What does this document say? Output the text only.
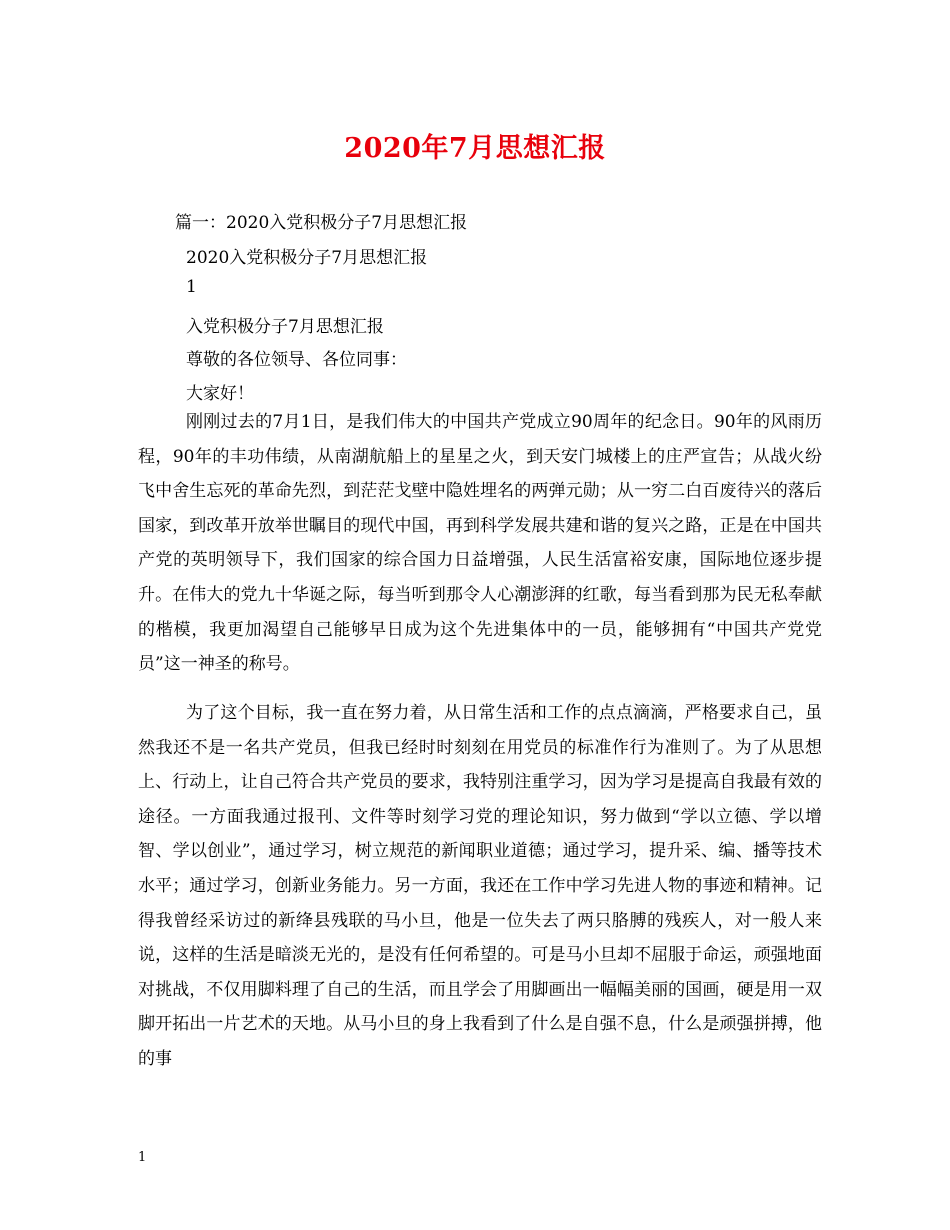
2020年7月思想汇报
篇一：2020入党积极分子7月思想汇报
2020入党积极分子7月思想汇报
1
入党积极分子7月思想汇报
尊敬的各位领导、各位同事：
大家好！

刚刚过去的7月1日，是我们伟大的中国共产党成立90周年的纪念日。90年的风雨历程，90年的丰功伟绩，从南湖航船上的星星之火，到天安门城楼上的庄严宣告；从战火纷飞中舍生忘死的革命先烈，到茫茫戈壁中隐姓埋名的两弹元勋；从一穷二白百废待兴的落后国家，到改革开放举世瞩目的现代中国，再到科学发展共建和谐的复兴之路，正是在中国共产党的英明领导下，我们国家的综合国力日益增强，人民生活富裕安康，国际地位逐步提升。在伟大的党九十华诞之际，每当听到那令人心潮澎湃的红歌，每当看到那为民无私奉献的楷模，我更加渴望自己能够早日成为这个先进集体中的一员，能够拥有“中国共产党党员”这一神圣的称号。

为了这个目标，我一直在努力着，从日常生活和工作的点点滴滴，严格要求自己，虽然我还不是一名共产党员，但我已经时时刻刻在用党员的标准作行为准则了。为了从思想上、行动上，让自己符合共产党员的要求，我特别注重学习，因为学习是提高自我最有效的途径。一方面我通过报刊、文件等时刻学习党的理论知识，努力做到“学以立德、学以增智、学以创业”，通过学习，树立规范的新闻职业道德；通过学习，提升采、编、播等技术水平；通过学习，创新业务能力。另一方面，我还在工作中学习先进人物的事迹和精神。记得我曾经采访过的新绛县残联的马小旦，他是一位失去了两只胳膊的残疾人，对一般人来说，这样的生活是暗淡无光的，是没有任何希望的。可是马小旦却不屈服于命运，顽强地面对挑战，不仅用脚料理了自己的生活，而且学会了用脚画出一幅幅美丽的国画，硬是用一双脚开拓出一片艺术的天地。从马小旦的身上我看到了什么是自强不息，什么是顽强拼搏，他的事

1
